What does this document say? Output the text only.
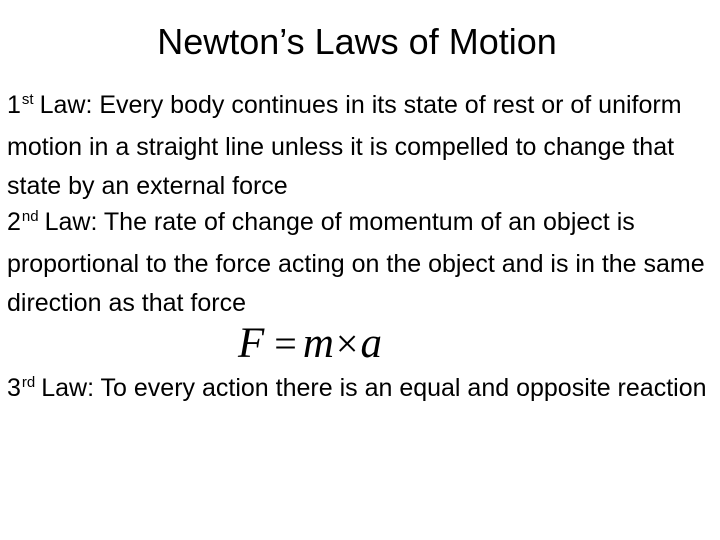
Newton’s Laws of Motion
1st Law: Every body continues in its state of rest or of uniform motion in a straight line unless it is compelled to change that state by an external force
2nd Law: The rate of change of momentum of an object is proportional to the force acting on the object and is in the same direction as that force
F = m×a
3rd Law: To every action there is an equal and opposite reaction
